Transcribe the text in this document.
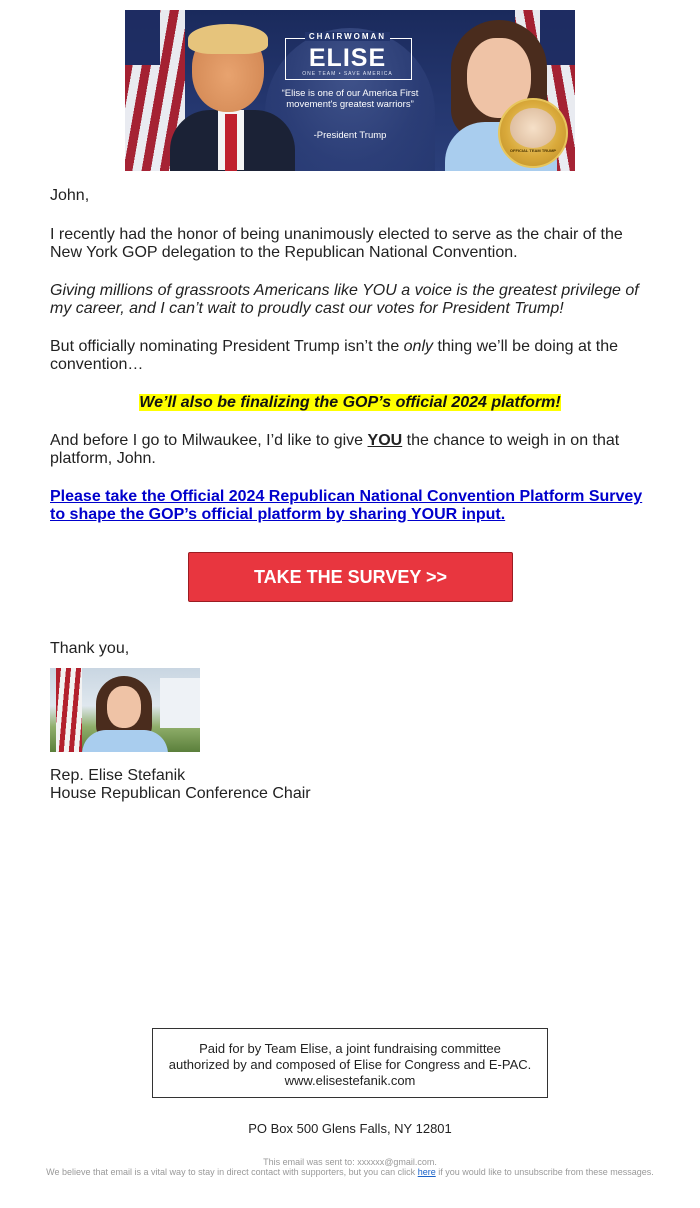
CHAIRWOMAN
ELISE
ONE TEAM • SAVE AMERICA
“Elise is one of our America First movement's greatest warriors”
-President Trump
OFFICIAL TEAM TRUMP
John,
I recently had the honor of being unanimously elected to serve as the chair of the New York GOP delegation to the Republican National Convention.
Giving millions of grassroots Americans like YOU a voice is the greatest privilege of my career, and I can’t wait to proudly cast our votes for President Trump!
But officially nominating President Trump isn’t the only thing we’ll be doing at the convention…
We’ll also be finalizing the GOP’s official 2024 platform!
And before I go to Milwaukee, I’d like to give YOU the chance to weigh in on that platform, John.
Please take the Official 2024 Republican National Convention Platform Survey to shape the GOP’s official platform by sharing YOUR input.
TAKE THE SURVEY >>
Thank you,
Rep. Elise Stefanik
House Republican Conference Chair
Paid for by Team Elise, a joint fundraising committee authorized by and composed of Elise for Congress and E-PAC. www.elisestefanik.com
PO Box 500 Glens Falls, NY 12801
This email was sent to: xxxxxx@gmail.com.
We believe that email is a vital way to stay in direct contact with supporters, but you can click here if you would like to unsubscribe from these messages.
